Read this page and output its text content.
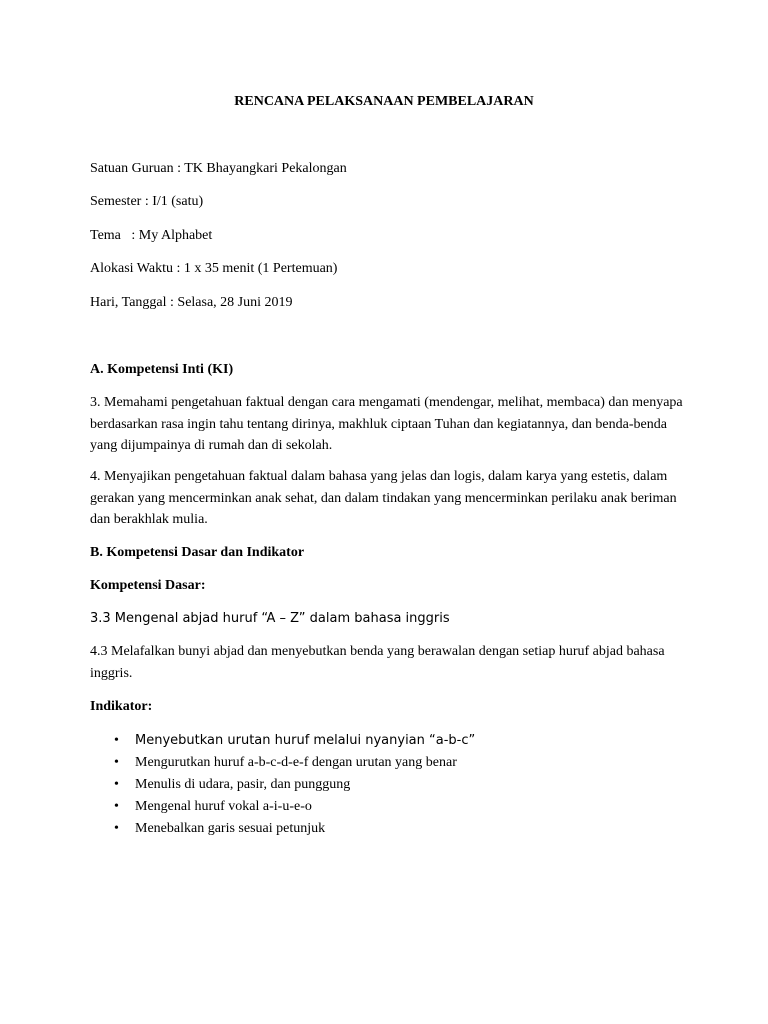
RENCANA PELAKSANAAN PEMBELAJARAN
Satuan Guruan : TK Bhayangkari Pekalongan
Semester : I/1 (satu)
Tema   : My Alphabet
Alokasi Waktu : 1 x 35 menit (1 Pertemuan)
Hari, Tanggal : Selasa, 28 Juni 2019
A. Kompetensi Inti (KI)
3. Memahami pengetahuan faktual dengan cara mengamati (mendengar, melihat, membaca) dan menyapa berdasarkan rasa ingin tahu tentang dirinya, makhluk ciptaan Tuhan dan kegiatannya, dan benda-benda yang dijumpainya di rumah dan di sekolah.
4. Menyajikan pengetahuan faktual dalam bahasa yang jelas dan logis, dalam karya yang estetis, dalam gerakan yang mencerminkan anak sehat, dan dalam tindakan yang mencerminkan perilaku anak beriman dan berakhlak mulia.
B. Kompetensi Dasar dan Indikator
Kompetensi Dasar:
3.3 Mengenal abjad huruf “A – Z” dalam bahasa inggris
4.3 Melafalkan bunyi abjad dan menyebutkan benda yang berawalan dengan setiap huruf abjad bahasa inggris.
Indikator:
• Menyebutkan urutan huruf melalui nyanyian “a-b-c”
• Mengurutkan huruf a-b-c-d-e-f dengan urutan yang benar
• Menulis di udara, pasir, dan punggung
• Mengenal huruf vokal a-i-u-e-o
• Menebalkan garis sesuai petunjuk
